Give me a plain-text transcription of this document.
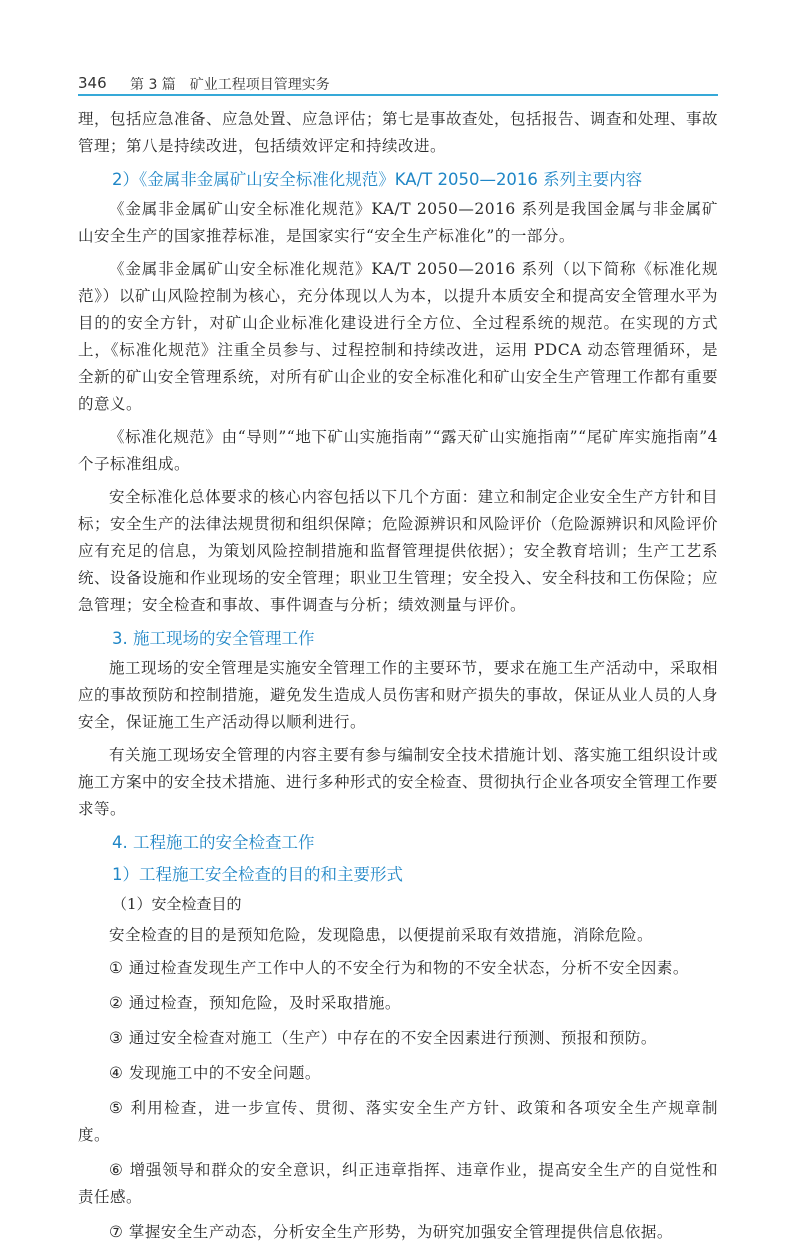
346 第 3 篇　矿业工程项目管理实务

理，包括应急准备、应急处置、应急评估；第七是事故查处，包括报告、调查和处理、事故管理；第八是持续改进，包括绩效评定和持续改进。

2）《金属非金属矿山安全标准化规范》KA/T 2050—2016 系列主要内容

《金属非金属矿山安全标准化规范》KA/T 2050—2016 系列是我国金属与非金属矿山安全生产的国家推荐标准，是国家实行“安全生产标准化”的一部分。

《金属非金属矿山安全标准化规范》KA/T 2050—2016 系列（以下简称《标准化规范》）以矿山风险控制为核心，充分体现以人为本，以提升本质安全和提高安全管理水平为目的的安全方针，对矿山企业标准化建设进行全方位、全过程系统的规范。在实现的方式上，《标准化规范》注重全员参与、过程控制和持续改进，运用 PDCA 动态管理循环，是全新的矿山安全管理系统，对所有矿山企业的安全标准化和矿山安全生产管理工作都有重要的意义。

《标准化规范》由“导则”“地下矿山实施指南”“露天矿山实施指南”“尾矿库实施指南”4 个子标准组成。

安全标准化总体要求的核心内容包括以下几个方面：建立和制定企业安全生产方针和目标；安全生产的法律法规贯彻和组织保障；危险源辨识和风险评价（危险源辨识和风险评价应有充足的信息，为策划风险控制措施和监督管理提供依据）；安全教育培训；生产工艺系统、设备设施和作业现场的安全管理；职业卫生管理；安全投入、安全科技和工伤保险；应急管理；安全检查和事故、事件调查与分析；绩效测量与评价。

3. 施工现场的安全管理工作

施工现场的安全管理是实施安全管理工作的主要环节，要求在施工生产活动中，采取相应的事故预防和控制措施，避免发生造成人员伤害和财产损失的事故，保证从业人员的人身安全，保证施工生产活动得以顺利进行。

有关施工现场安全管理的内容主要有参与编制安全技术措施计划、落实施工组织设计或施工方案中的安全技术措施、进行多种形式的安全检查、贯彻执行企业各项安全管理工作要求等。

4. 工程施工的安全检查工作
1）工程施工安全检查的目的和主要形式
（1）安全检查目的

安全检查的目的是预知危险，发现隐患，以便提前采取有效措施，消除危险。

① 通过检查发现生产工作中人的不安全行为和物的不安全状态，分析不安全因素。
② 通过检查，预知危险，及时采取措施。
③ 通过安全检查对施工（生产）中存在的不安全因素进行预测、预报和预防。
④ 发现施工中的不安全问题。
⑤ 利用检查，进一步宣传、贯彻、落实安全生产方针、政策和各项安全生产规章制度。
⑥ 增强领导和群众的安全意识，纠正违章指挥、违章作业，提高安全生产的自觉性和责任感。
⑦ 掌握安全生产动态，分析安全生产形势，为研究加强安全管理提供信息依据。
